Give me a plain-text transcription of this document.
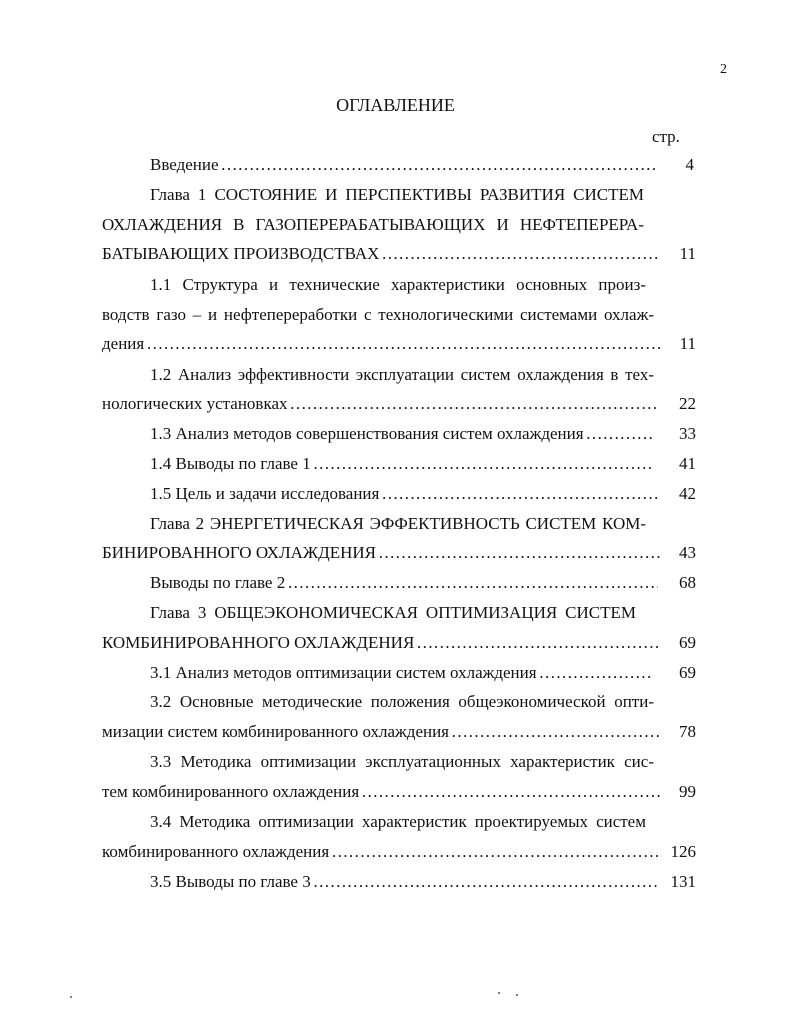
2
ОГЛАВЛЕНИЕ
стр.
Введение ………………………………………………………………………………………………………………………………………………………………	4
Глава 1 СОСТОЯНИЕ И ПЕРСПЕКТИВЫ РАЗВИТИЯ СИСТЕМ
ОХЛАЖДЕНИЯ В ГАЗОПЕРЕРАБАТЫВАЮЩИХ И НЕФТЕПЕРЕРА-
БАТЫВАЮЩИХ ПРОИЗВОДСТВАХ ………………………………………………………………………………………………………………………………………………………………	11
1.1 Структура и технические характеристики основных произ-
водств газо – и нефтепереработки с технологическими системами охлаж-
дения ………………………………………………………………………………………………………………………………………………………………	11
1.2 Анализ эффективности эксплуатации систем охлаждения в тех-
нологических установках ………………………………………………………………………………………………………………………………………………………………	22
1.3 Анализ методов совершенствования систем охлаждения ………………………………………………………………………………………………………………………………………………………………	33
1.4 Выводы по главе 1 ………………………………………………………………………………………………………………………………………………………………	41
1.5 Цель и задачи исследования ………………………………………………………………………………………………………………………………………………………………	42
Глава 2 ЭНЕРГЕТИЧЕСКАЯ ЭФФЕКТИВНОСТЬ СИСТЕМ КОМ-
БИНИРОВАННОГО ОХЛАЖДЕНИЯ ………………………………………………………………………………………………………………………………………………………………	43
Выводы по главе 2 ………………………………………………………………………………………………………………………………………………………………	68
Глава 3 ОБЩЕЭКОНОМИЧЕСКАЯ ОПТИМИЗАЦИЯ СИСТЕМ
КОМБИНИРОВАННОГО ОХЛАЖДЕНИЯ ………………………………………………………………………………………………………………………………………………………………	69
3.1 Анализ методов оптимизации систем охлаждения ………………………………………………………………………………………………………………………………………………………………	69
3.2 Основные методические положения общеэкономической опти-
мизации систем комбинированного охлаждения ………………………………………………………………………………………………………………………………………………………………	78
3.3 Методика оптимизации эксплуатационных характеристик сис-
тем комбинированного охлаждения ………………………………………………………………………………………………………………………………………………………………	99
3.4 Методика оптимизации характеристик проектируемых систем
комбинированного охлаждения ………………………………………………………………………………………………………………………………………………………………	126
3.5 Выводы по главе 3 ………………………………………………………………………………………………………………………………………………………………	131
